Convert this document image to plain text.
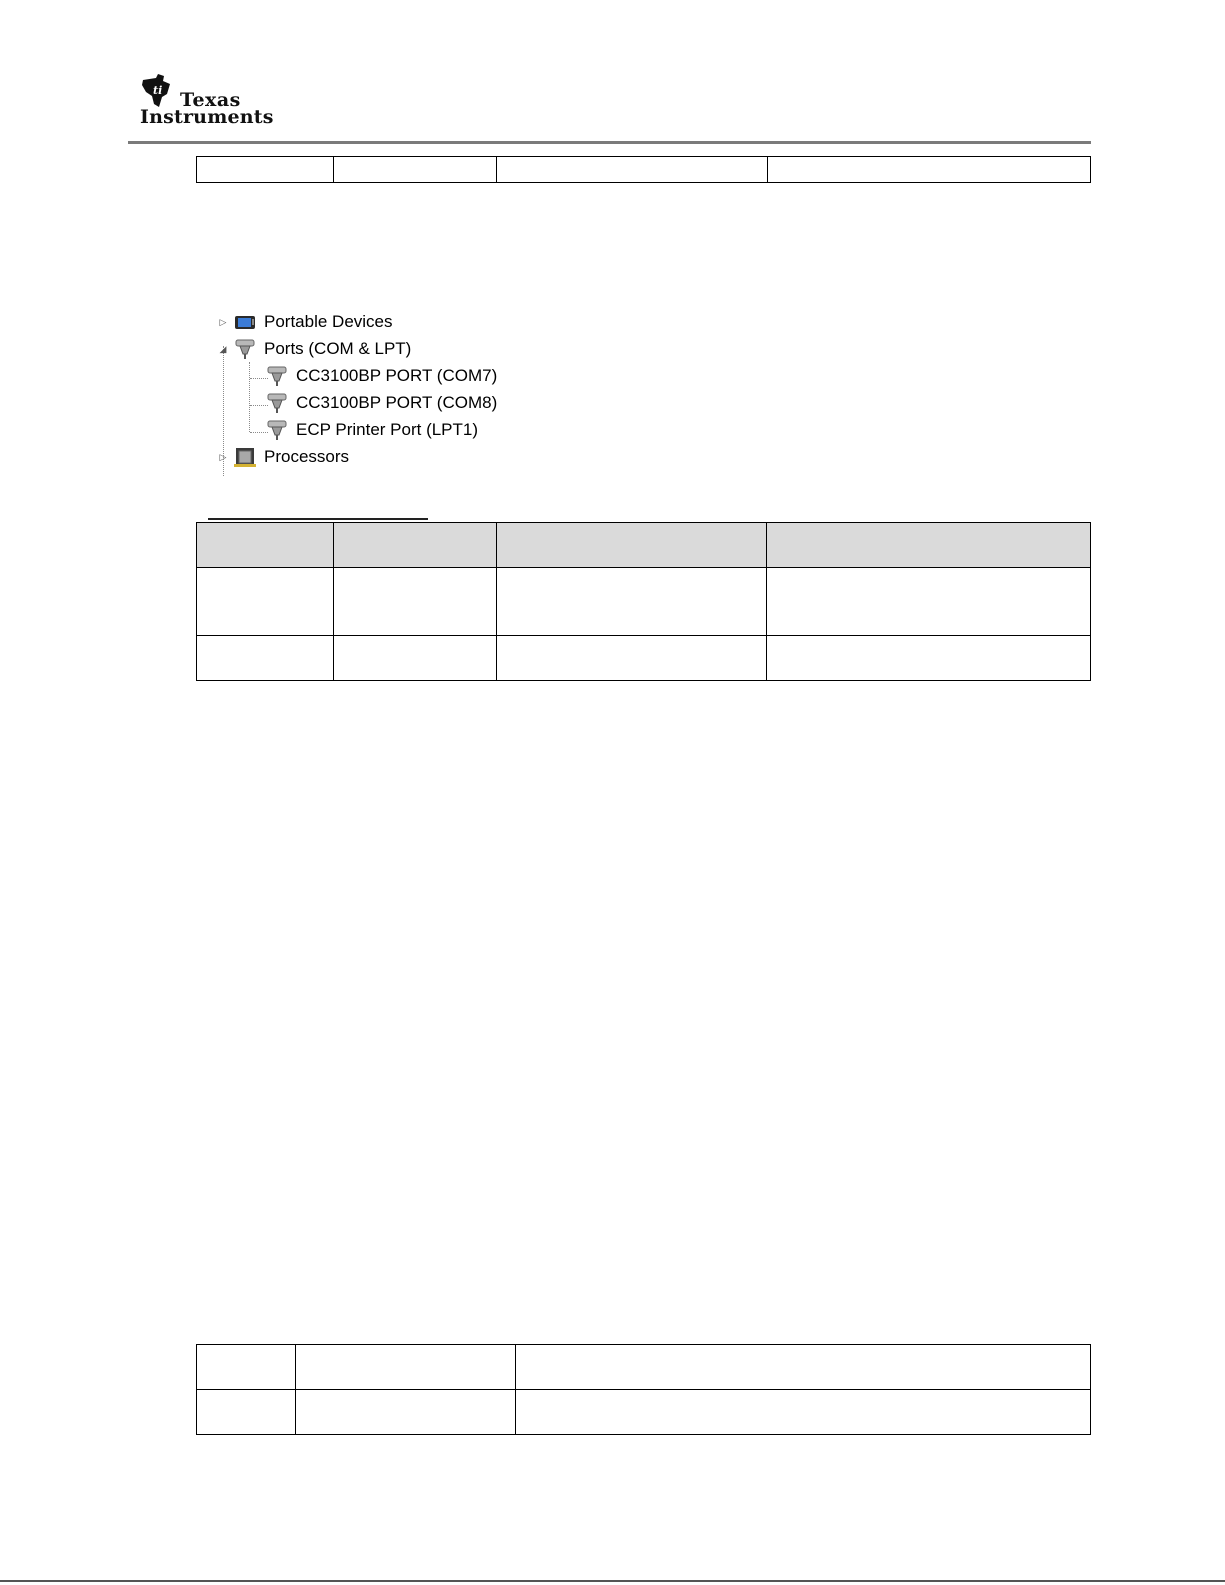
ti Texas
Instruments

▷ Portable Devices
◢ Ports (COM & LPT)
CC3100BP PORT (COM7)
CC3100BP PORT (COM8)
ECP Printer Port (LPT1)
▷ Processors
